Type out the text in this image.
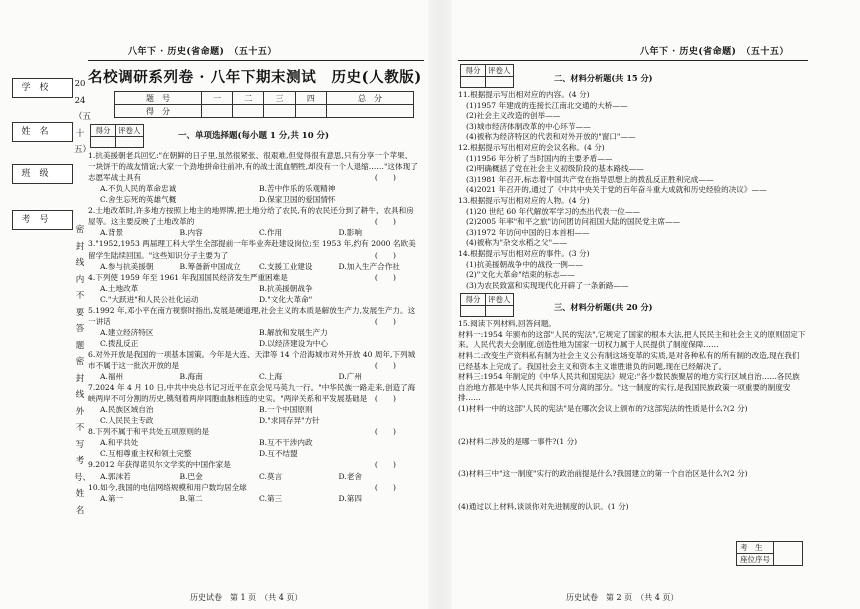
八年下 · 历史(省命题)　（五十五）	八年下 · 历史(省命题)　（五十五）
学　校
姓　名
班　级
考　号
2024（五十五）
密封线内不要答题密封线外不写考号、姓名
名校调研系列卷 · 八年下期末测试　历史(人教版)
题　号	一	二	三	四	总　分
得　分					
得分	评卷人

一、单项选择题(每小题 1 分,共 10 分)
1.抗美援朝老兵回忆:"在朝鲜的日子里,虽然很紧张、很艰难,但觉得很有意思,只有分享一个苹果、一块饼干的战友情谊;大家一个劲地拼命往前冲,有的战士流血牺牲,却没有一个人退缩……"这体现了志愿军战士具有	(　　)
A.不负人民的革命忠诚	B.苦中作乐的乐观精神
C.舍生忘死的英雄气概	D.保家卫国的爱国情怀
2.土地改革时,许多地方按照上地主的地界牌,把土地分给了农民,有的农民还分到了耕牛、农具和房屋等。这主要反映了土地改革的	(　　)
A.背景	B.内容	C.作用	D.影响
3."1952,1953 两届理工科大学生全部提前一年毕业奔赴建设岗位;至 1953 年,约有 2000 名欧美留学生陆续回国。"这些知识分子主要为了	(　　)
A.参与抗美援朝	B.筹备新中国成立	C.支援工业建设	D.加入生产合作社
4.下列使 1959 年至 1961 年我国国民经济发生严重困难是	(　　)
A.土地改革	B.抗美援朝战争
C."大跃进"和人民公社化运动	D."文化大革命"
5.1992 年,邓小平在南方视察时指出,发展是硬道理,社会主义的本质是解放生产力,发展生产力。这一讲话	(　　)
A.建立经济特区	B.解放和发展生产力
C.拨乱反正	D.以经济建设为中心
6.对外开放是我国的一项基本国策。今年是大连、天津等 14 个沿海城市对外开放 40 周年,下列城市不属于这一批次开放的是	(　　)
A.福州	B.海南	C.上海	D.广州
7.2024 年 4 月 10 日,中共中央总书记习近平在京会见马英九一行。"中华民族一路走来,创造了海峡两岸不可分割的历史,镌刻着两岸同胞血脉相连的史实。"两岸关系和平发展基础是 (　　)
A.民族区域自治	B.一个中国原则
C.人民民主专政	D."求同存异"方针
8.下列不属于和平共处五项原则的是	(　　)
A.和平共处	B.互不干涉内政
C.互相尊重主权和领土完整	D.互不结盟
9.2012 年获得诺贝尔文学奖的中国作家是	(　　)
A.郭沫若	B.巴金	C.莫言	D.老舍
10.如今,我国的电信网络规模和用户数均居全球	(　　)
A.第一	B.第二	C.第三	D.第四
历史试卷　第 1 页　（共 4 页）
得分	评卷人

二、材料分析题(共 15 分)
11.根据提示写出相对应的内容。(4 分)
(1)1957 年建成的连接长江南北交通的大桥——
(2)社会主义改造的创举——
(3)城市经济体制改革的中心环节——
(4)被称为经济特区的代表和对外开放的"窗口"——
12.根据提示写出相对应的会议名称。(4 分)
(1)1956 年分析了当时国内的主要矛盾——
(2)明确概括了党在社会主义初级阶段的基本路线——
(3)1981 年召开,标志着中国共产党在指导思想上的拨乱反正胜利完成——
(4)2021 年召开的,通过了《中共中央关于党的百年奋斗重大成就和历史经验的决议》——
13.根据提示写出相对应的人物。(4 分)
(1)20 世纪 60 年代解放军学习的杰出代表一位——
(2)2005 年率"和平之旅"访问团访问祖国大陆的国民党主席——
(3)1972 年访问中国的日本首相——
(4)被称为"杂交水稻之父"——
14.根据提示写出相对应的事件。(3 分)
(1)抗美援朝战争中的战役一例——
(2)"文化大革命"结束的标志——
(3)为农民致富和实现现代化开辟了一条新路——
得分	评卷人

三、材料分析题(共 20 分)
15.阅读下列材料,回答问题。
材料一:1954 年颁布的这部"人民的宪法",它规定了国家的根本大法,把人民民主和社会主义的原则固定下来。人民代表大会制度,创造性地为国家一切权力属于人民提供了制度保障……
材料二:改变生产资料私有制为社会主义公有制这场变革的实质,是对各种私有的所有制的改造,现在我们已经基本上完成了。我国社会主义和资本主义谁胜谁负的问题,现在已经解决了。
材料三:1954 年制定的《中华人民共和国宪法》规定:"各少数民族聚居的地方实行区域自治……各民族自治地方都是中华人民共和国不可分离的部分。"这一制度的实行,是我国民族政策一项重要的制度安排……
(1)材料一中的这部"人民的宪法"是在哪次会议上颁布的?这部宪法的性质是什么?(2 分)
(2)材料二涉及的是哪一事件?(1 分)
(3)材料三中"这一制度"实行的政治前提是什么?我国建立的第一个自治区是什么?(2 分)
(4)通过以上材料,谈谈你对先进制度的认识。(1 分)
考　生	
座位序号
历史试卷　第 2 页　（共 4 页）
